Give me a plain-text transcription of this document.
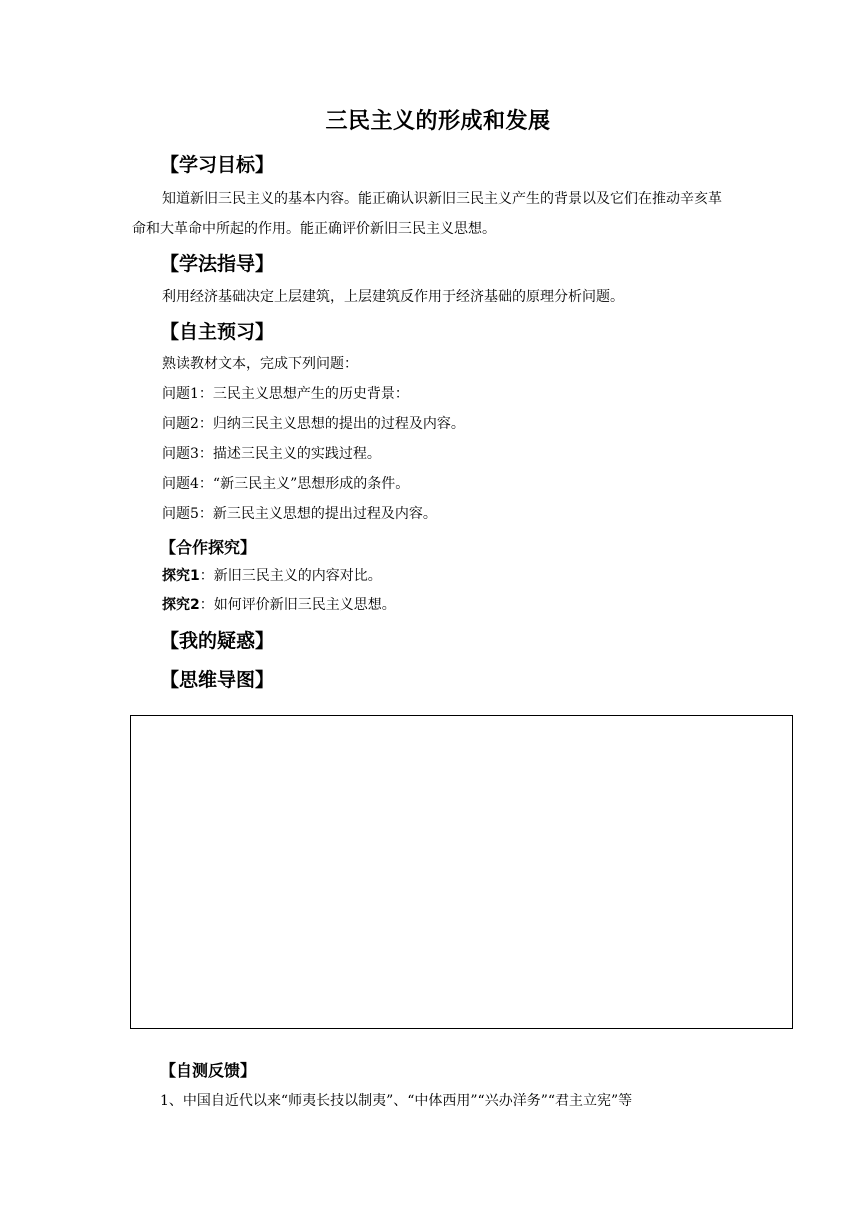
三民主义的形成和发展
【学习目标】
知道新旧三民主义的基本内容。能正确认识新旧三民主义产生的背景以及它们在推动辛亥革命和大革命中所起的作用。能正确评价新旧三民主义思想。
【学法指导】
利用经济基础决定上层建筑，上层建筑反作用于经济基础的原理分析问题。
【自主预习】
熟读教材文本，完成下列问题：
问题1：三民主义思想产生的历史背景：
问题2：归纳三民主义思想的提出的过程及内容。
问题3：描述三民主义的实践过程。
问题4：“新三民主义”思想形成的条件。
问题5：新三民主义思想的提出过程及内容。
【合作探究】
探究1：新旧三民主义的内容对比。
探究2：如何评价新旧三民主义思想。
【我的疑惑】
【思维导图】
【自测反馈】
1、中国自近代以来“师夷长技以制夷”、“中体西用”“兴办洋务”“君主立宪”等
